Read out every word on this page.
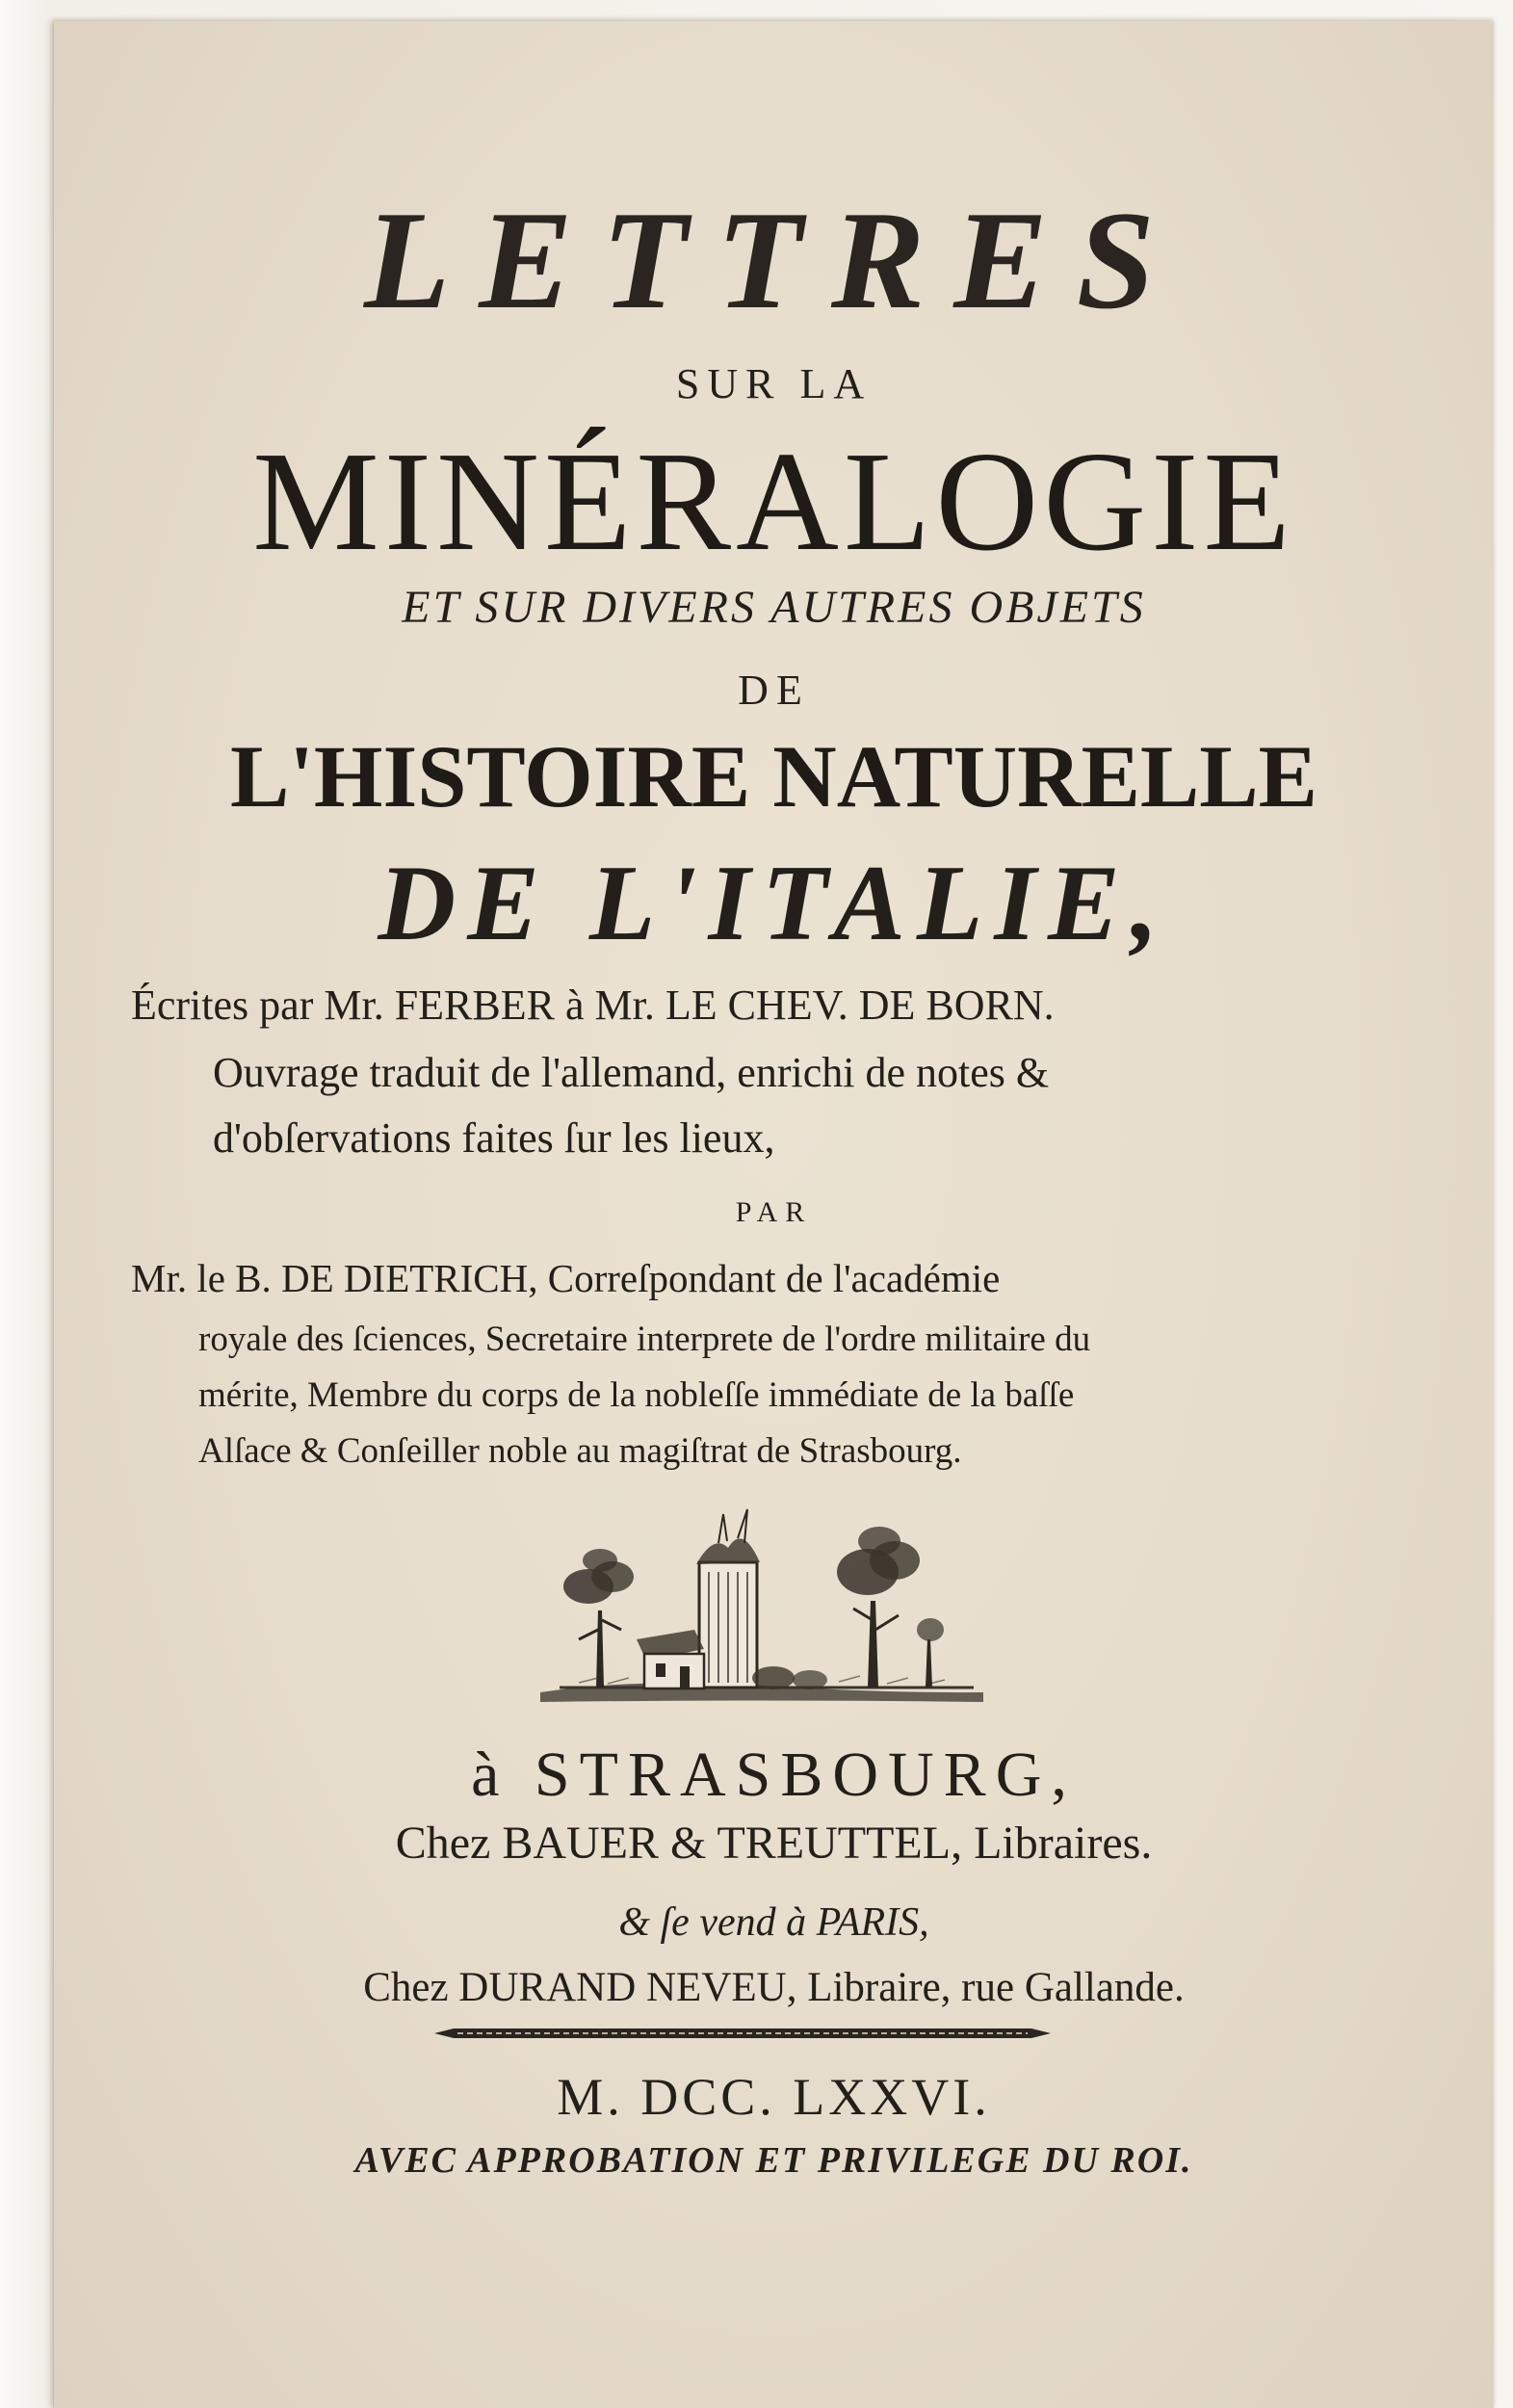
LETTRES
SUR LA
MINÉRALOGIE
ET SUR DIVERS AUTRES OBJETS
DE
L'HISTOIRE NATURELLE
DE L'ITALIE,
Écrites par Mr. FERBER à Mr. LE CHEV. DE BORN.
Ouvrage traduit de l'allemand, enrichi de notes &
d'obſervations faites ſur les lieux,
PAR
Mr. le B. DE DIETRICH, Correſpondant de l'académie
royale des ſciences, Secretaire interprete de l'ordre militaire du
mérite, Membre du corps de la nobleſſe immédiate de la baſſe
Alſace & Conſeiller noble au magiſtrat de Strasbourg.
à STRASBOURG,
Chez BAUER & TREUTTEL, Libraires.
& ſe vend à PARIS,
Chez DURAND NEVEU, Libraire, rue Gallande.
M. DCC. LXXVI.
AVEC APPROBATION ET PRIVILEGE DU ROI.
